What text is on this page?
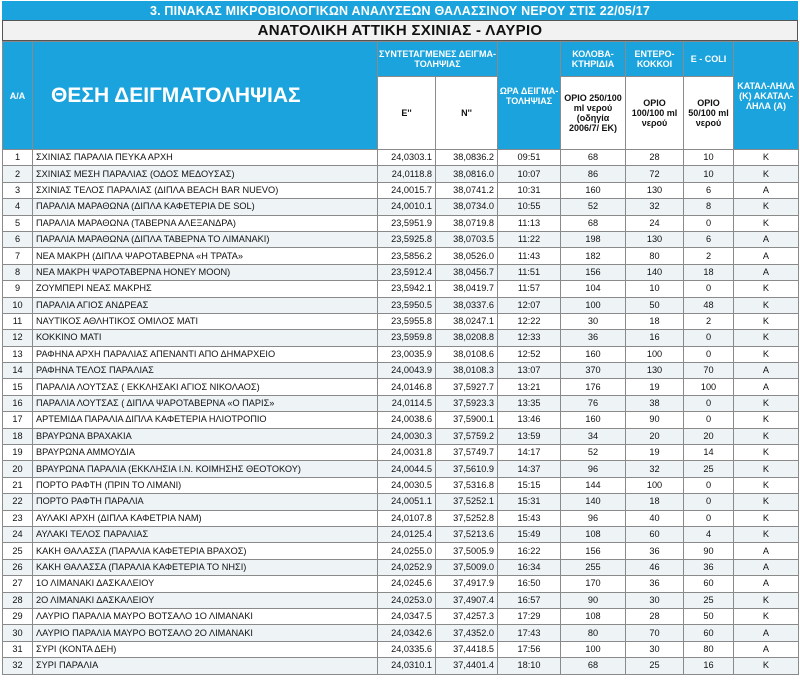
3. ΠΙΝΑΚΑΣ ΜΙΚΡΟΒΙΟΛΟΓΙΚΩΝ ΑΝΑΛΥΣΕΩΝ ΘΑΛΑΣΣΙΝΟΥ ΝΕΡΟΥ ΣΤΙΣ 22/05/17
ΑΝΑΤΟΛΙΚΗ ΑΤΤΙΚΗ ΣΧΙΝΙΑΣ - ΛΑΥΡΙΟ
Α/Α	ΘΕΣΗ ΔΕΙΓΜΑΤΟΛΗΨΙΑΣ	ΣΥΝΤΕΤΑΓΜΕΝΕΣ ΔΕΙΓΜΑ-ΤΟΛΗΨΙΑΣ		ΩΡΑ ΔΕΙΓΜΑ-ΤΟΛΗΨΙΑΣ	ΚΟΛΟΒΑ-ΚΤΗΡΙΔΙΑ	ΕΝΤΕΡΟ-ΚΟΚΚΟΙ	E - COLI	ΚΑΤΑΛ-ΛΗΛΑ (Κ) ΑΚΑΤΑΛ-ΛΗΛΑ (Α)
		Ε''	Ν''		ΟΡΙΟ 250/100 ml νερού (οδηγία 2006/7/ ΕΚ)	ΟΡΙΟ 100/100 ml νερού	ΟΡΙΟ 50/100 ml νερού	
1	ΣΧΙΝΙΑΣ ΠΑΡΑΛΙΑ ΠΕΥΚΑ ΑΡΧΗ	24,0303.1	38,0836.2	09:51	68	28	10	Κ
2	ΣΧΙΝΙΑΣ ΜΕΣΗ ΠΑΡΑΛΙΑΣ (ΟΔΟΣ ΜΕΔΟΥΣΑΣ)	24,0118.8	38,0816.0	10:07	86	72	10	Κ
3	ΣΧΙΝΙΑΣ ΤΕΛΟΣ ΠΑΡΑΛΙΑΣ (ΔΙΠΛΑ BEACH BAR NUEVO)	24,0015.7	38,0741.2	10:31	160	130	6	Α
4	ΠΑΡΑΛΙΑ ΜΑΡΑΘΩΝΑ (ΔΙΠΛΑ ΚΑΦΕΤΕΡΙΑ DE SOL)	24,0010.1	38,0734.0	10:55	52	32	8	Κ
5	ΠΑΡΑΛΙΑ ΜΑΡΑΘΩΝΑ (ΤΑΒΕΡΝΑ ΑΛΕΞΑΝΔΡΑ)	23,5951.9	38,0719.8	11:13	68	24	0	Κ
6	ΠΑΡΑΛΙΑ ΜΑΡΑΘΩΝΑ (ΔΙΠΛΑ ΤΑΒΕΡΝΑ ΤΟ ΛΙΜΑΝΑΚΙ)	23,5925.8	38,0703.5	11:22	198	130	6	Α
7	ΝΕΑ ΜΑΚΡΗ (ΔΙΠΛΑ ΨΑΡΟΤΑΒΕΡΝΑ «Η ΤΡΑΤΑ»	23,5856.2	38,0526.0	11:43	182	80	2	Α
8	ΝΕΑ ΜΑΚΡΗ ΨΑΡΟΤΑΒΕΡΝΑ HONEY MOON)	23,5912.4	38,0456.7	11:51	156	140	18	Α
9	ΖΟΥΜΠΕΡΙ ΝΕΑΣ ΜΑΚΡΗΣ	23,5942.1	38,0419.7	11:57	104	10	0	Κ
10	ΠΑΡΑΛΙΑ ΑΓΙΟΣ ΑΝΔΡΕΑΣ	23,5950.5	38,0337.6	12:07	100	50	48	Κ
11	ΝΑΥΤΙΚΟΣ ΑΘΛΗΤΙΚΟΣ ΟΜΙΛΟΣ ΜΑΤΙ	23,5955.8	38,0247.1	12:22	30	18	2	Κ
12	ΚΟΚΚΙΝΟ ΜΑΤΙ	23,5959.8	38,0208.8	12:33	36	16	0	Κ
13	ΡΑΦΗΝΑ ΑΡΧΗ ΠΑΡΑΛΙΑΣ ΑΠΕΝΑΝΤΙ ΑΠΟ ΔΗΜΑΡΧΕΙΟ	23,0035.9	38,0108.6	12:52	160	100	0	Κ
14	ΡΑΦΗΝΑ ΤΕΛΟΣ ΠΑΡΑΛΙΑΣ	24,0043.9	38,0108.3	13:07	370	130	70	Α
15	ΠΑΡΑΛΙΑ ΛΟΥΤΣΑΣ ( ΕΚΚΛΗΣΑΚΙ ΑΓΙΟΣ ΝΙΚΟΛΑΟΣ)	24,0146.8	37,5927.7	13:21	176	19	100	Α
16	ΠΑΡΑΛΙΑ ΛΟΥΤΣΑΣ ( ΔΙΠΛΑ ΨΑΡΟΤΑΒΕΡΝΑ «Ο ΠΑΡΙΣ»	24,0114.5	37,5923.3	13:35	76	38	0	Κ
17	ΑΡΤΕΜΙΔΑ ΠΑΡΑΛΙΑ ΔΙΠΛΑ ΚΑΦΕΤΕΡΙΑ ΗΛΙΟΤΡΟΠΙΟ	24,0038.6	37,5900.1	13:46	160	90	0	Κ
18	ΒΡΑΥΡΩΝΑ ΒΡΑΧΑΚΙΑ	24,0030.3	37,5759.2	13:59	34	20	20	Κ
19	ΒΡΑΥΡΩΝΑ ΑΜΜΟΥΔΙΑ	24,0031.8	37,5749.7	14:17	52	19	14	Κ
20	ΒΡΑΥΡΩΝΑ ΠΑΡΑΛΙΑ (ΕΚΚΛΗΣΙΑ Ι.Ν. ΚΟΙΜΗΣΗΣ ΘΕΟΤΟΚΟΥ)	24,0044.5	37,5610.9	14:37	96	32	25	Κ
21	ΠΟΡΤΟ ΡΑΦΤΗ (ΠΡΙΝ ΤΟ ΛΙΜΑΝΙ)	24,0030.5	37,5316.8	15:15	144	100	0	Κ
22	ΠΟΡΤΟ ΡΑΦΤΗ ΠΑΡΑΛΙΑ	24,0051.1	37,5252.1	15:31	140	18	0	Κ
23	ΑΥΛΑΚΙ ΑΡΧΗ (ΔΙΠΛΑ ΚΑΦΕΤΡΙΑ ΝΑΜ)	24,0107.8	37,5252.8	15:43	96	40	0	Κ
24	ΑΥΛΑΚΙ ΤΕΛΟΣ ΠΑΡΑΛΙΑΣ	24,0125.4	37,5213.6	15:49	108	60	4	Κ
25	ΚΑΚΗ ΘΑΛΑΣΣΑ (ΠΑΡΑΛΙΑ ΚΑΦΕΤΕΡΙΑ ΒΡΑΧΟΣ)	24,0255.0	37,5005.9	16:22	156	36	90	Α
26	ΚΑΚΗ ΘΑΛΑΣΣΑ (ΠΑΡΑΛΙΑ ΚΑΦΕΤΕΡΙΑ ΤΟ ΝΗΣΙ)	24,0252.9	37,5009.0	16:34	255	46	36	Α
27	1Ο ΛΙΜΑΝΑΚΙ ΔΑΣΚΑΛΕΙΟΥ	24,0245.6	37,4917.9	16:50	170	36	60	Α
28	2Ο ΛΙΜΑΝΑΚΙ ΔΑΣΚΑΛΕΙΟΥ	24,0253.0	37,4907.4	16:57	90	30	25	Κ
29	ΛΑΥΡΙΟ ΠΑΡΑΛΙΑ ΜΑΥΡΟ ΒΟΤΣΑΛΟ 1Ο ΛΙΜΑΝΑΚΙ	24,0347.5	37,4257.3	17:29	108	28	50	Κ
30	ΛΑΥΡΙΟ ΠΑΡΑΛΙΑ ΜΑΥΡΟ ΒΟΤΣΑΛΟ 2Ο ΛΙΜΑΝΑΚΙ	24,0342.6	37,4352.0	17:43	80	70	60	Α
31	ΣΥΡΙ (ΚΟΝΤΑ ΔΕΗ)	24,0335.6	37,4418.5	17:56	100	30	80	Α
32	ΣΥΡΙ ΠΑΡΑΛΙΑ	24,0310.1	37,4401.4	18:10	68	25	16	Κ
